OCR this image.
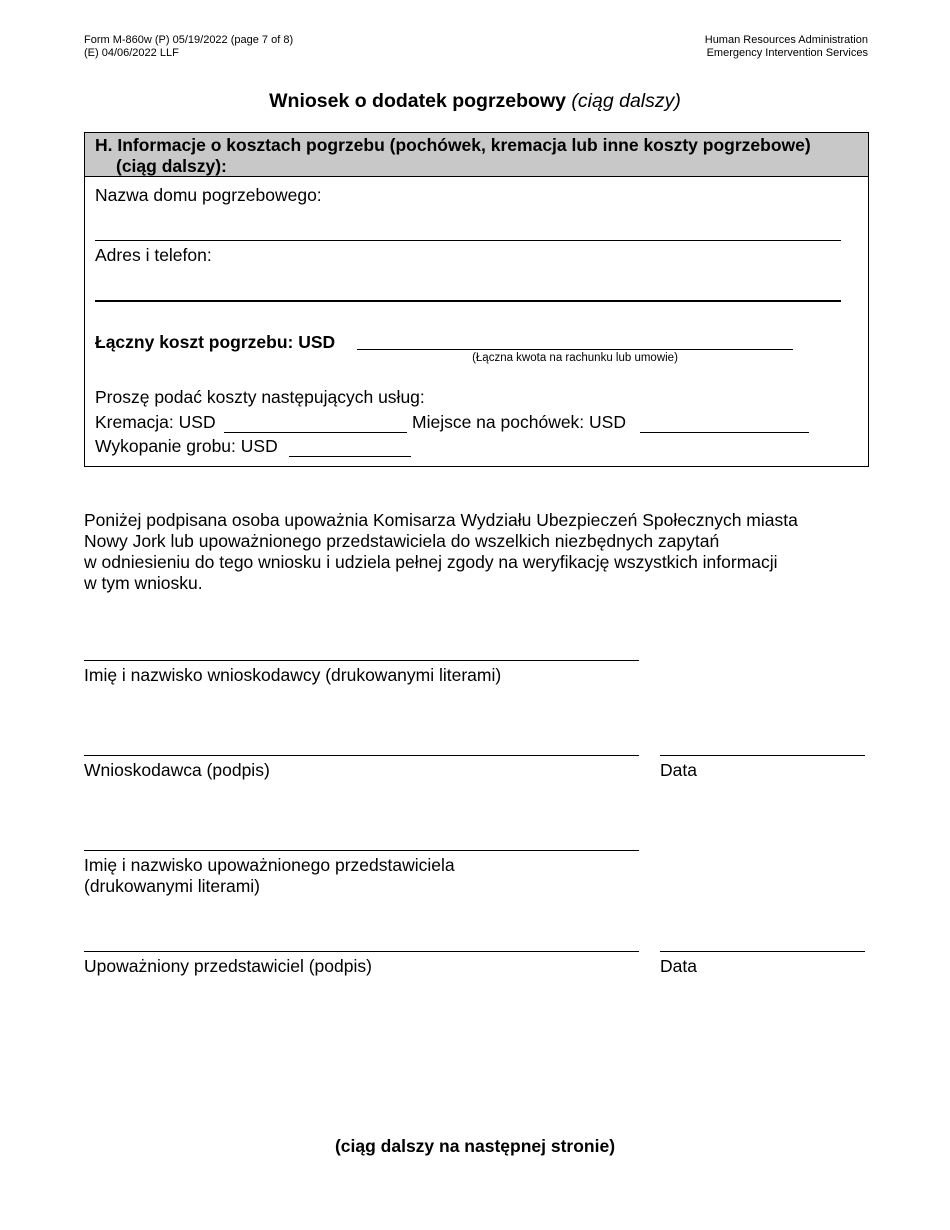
Form M-860w (P) 05/19/2022 (page 7 of 8)
(E) 04/06/2022 LLF
Human Resources Administration
Emergency Intervention Services
Wniosek o dodatek pogrzebowy (ciąg dalszy)
H. Informacje o kosztach pogrzebu (pochówek, kremacja lub inne koszty pogrzebowe)
(ciąg dalszy):
Nazwa domu pogrzebowego:
Adres i telefon:
Łączny koszt pogrzebu: USD
(Łączna kwota na rachunku lub umowie)
Proszę podać koszty następujących usług:
Kremacja: USD	Miejsce na pochówek: USD
Wykopanie grobu: USD
Poniżej podpisana osoba upoważnia Komisarza Wydziału Ubezpieczeń Społecznych miasta
Nowy Jork lub upoważnionego przedstawiciela do wszelkich niezbędnych zapytań
w odniesieniu do tego wniosku i udziela pełnej zgody na weryfikację wszystkich informacji
w tym wniosku.
Imię i nazwisko wnioskodawcy (drukowanymi literami)
Wnioskodawca (podpis)	Data
Imię i nazwisko upoważnionego przedstawiciela
(drukowanymi literami)
Upoważniony przedstawiciel (podpis)	Data
(ciąg dalszy na następnej stronie)
